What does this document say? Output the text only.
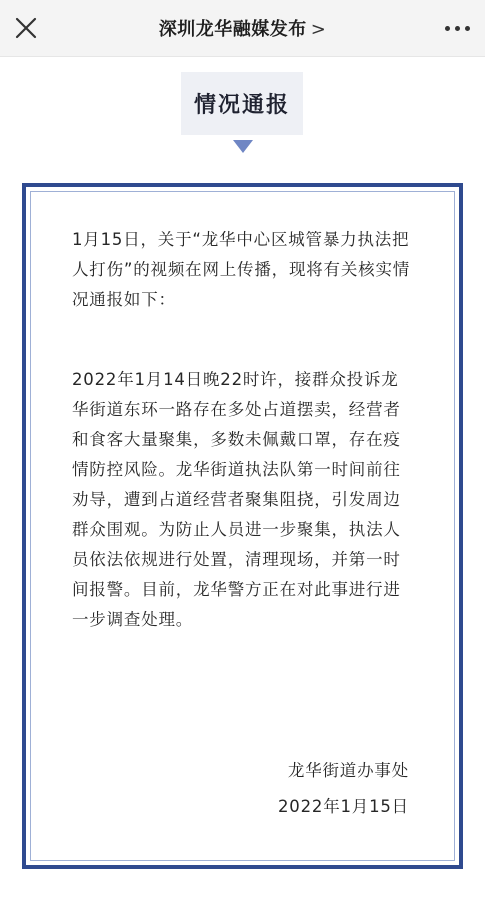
深圳龙华融媒发布 >
情况通报

1月15日，关于“龙华中心区城管暴力执法把人打伤”的视频在网上传播，现将有关核实情况通报如下：

2022年1月14日晚22时许，接群众投诉龙华街道东环一路存在多处占道摆卖，经营者和食客大量聚集，多数未佩戴口罩，存在疫情防控风险。龙华街道执法队第一时间前往劝导，遭到占道经营者聚集阻挠，引发周边群众围观。为防止人员进一步聚集，执法人员依法依规进行处置，清理现场，并第一时间报警。目前，龙华警方正在对此事进行进一步调查处理。

龙华街道办事处

2022年1月15日
